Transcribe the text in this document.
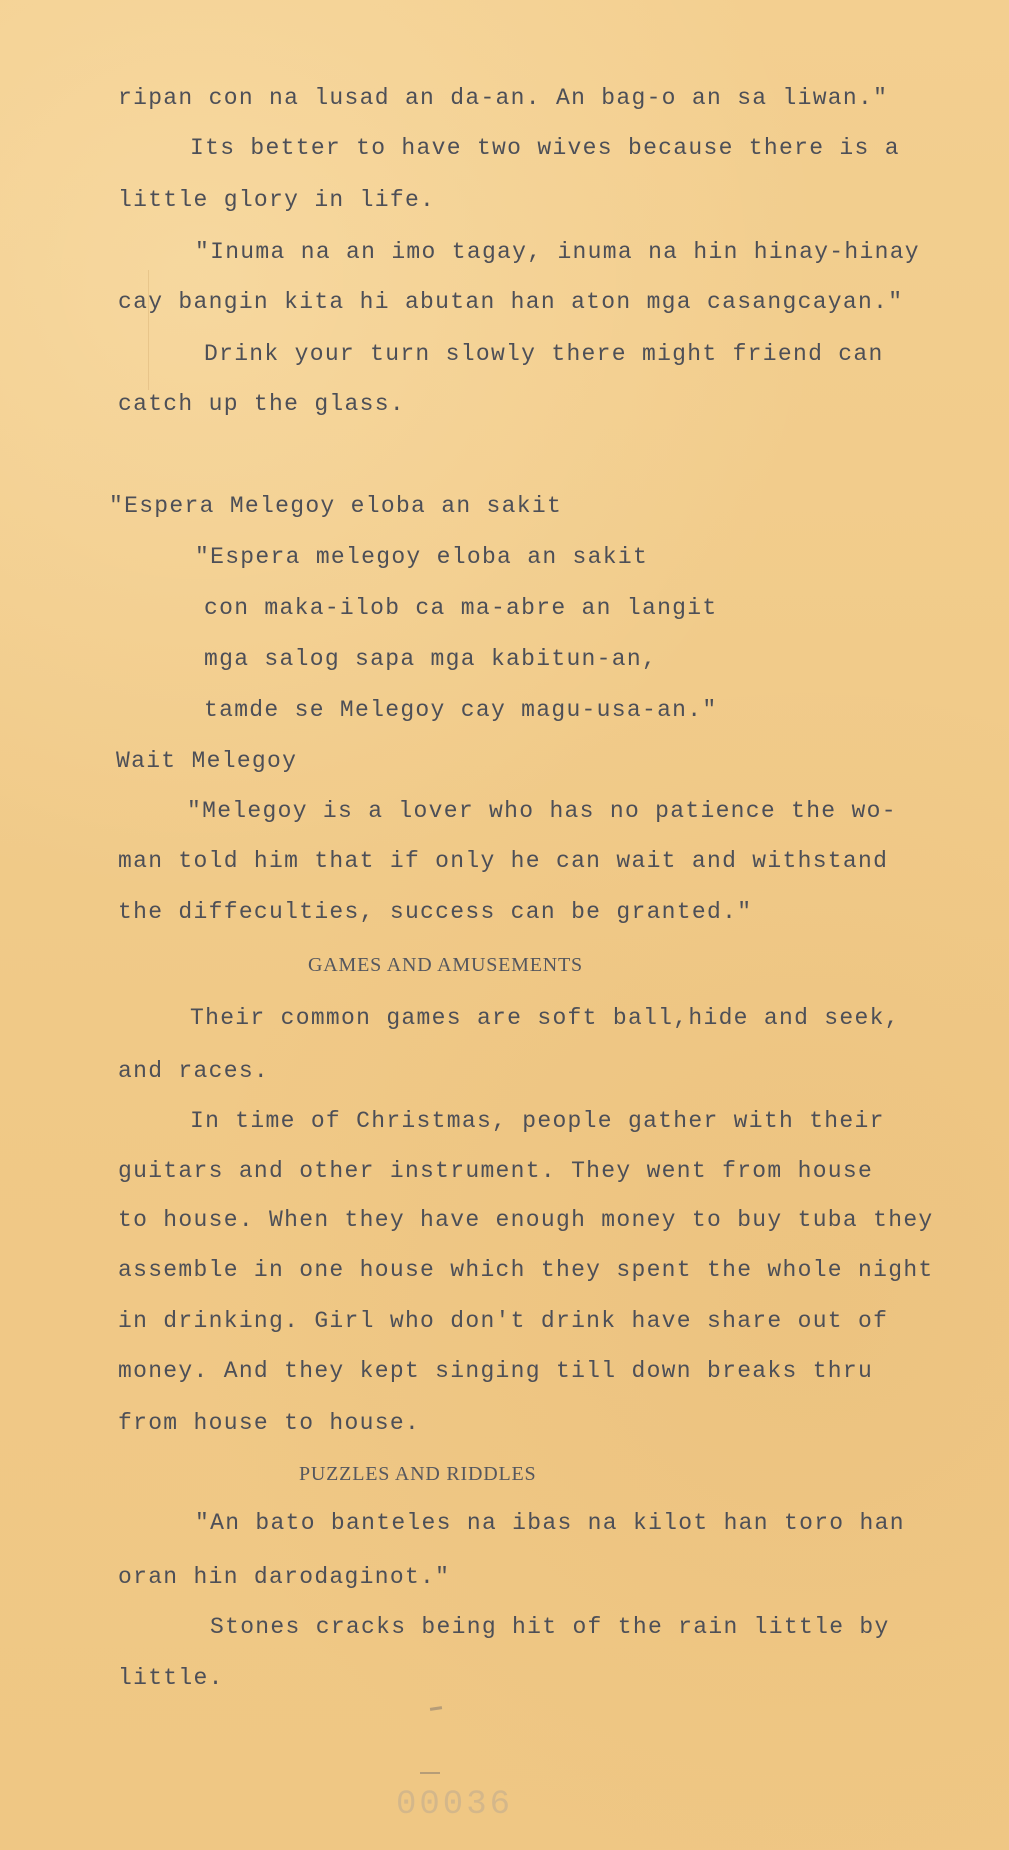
ripan con na lusad an da-an. An bag-o an sa liwan."
Its better to have two wives because there is a
little glory in life.
"Inuma na an imo tagay, inuma na hin hinay-hinay
cay bangin kita hi abutan han aton mga casangcayan."
Drink your turn slowly there might friend can
catch up the glass.
"Espera Melegoy eloba an sakit
"Espera melegoy eloba an sakit
con maka-ilob ca ma-abre an langit
mga salog sapa mga kabitun-an,
tamde se Melegoy cay magu-usa-an."
Wait Melegoy
"Melegoy is a lover who has no patience the wo-
man told him that if only he can wait and withstand
the diffeculties, success can be granted."
GAMES AND AMUSEMENTS
Their common games are soft ball,hide and seek,
and races.
In time of Christmas, people gather with their
guitars and other instrument. They went from house
to house. When they have enough money to buy tuba they
assemble in one house which they spent the whole night
in drinking. Girl who don't drink have share out of
money. And they kept singing till down breaks thru
from house to house.
PUZZLES AND RIDDLES
"An bato banteles na ibas na kilot han toro han
oran hin darodaginot."
Stones cracks being hit of the rain little by
little.
00036
